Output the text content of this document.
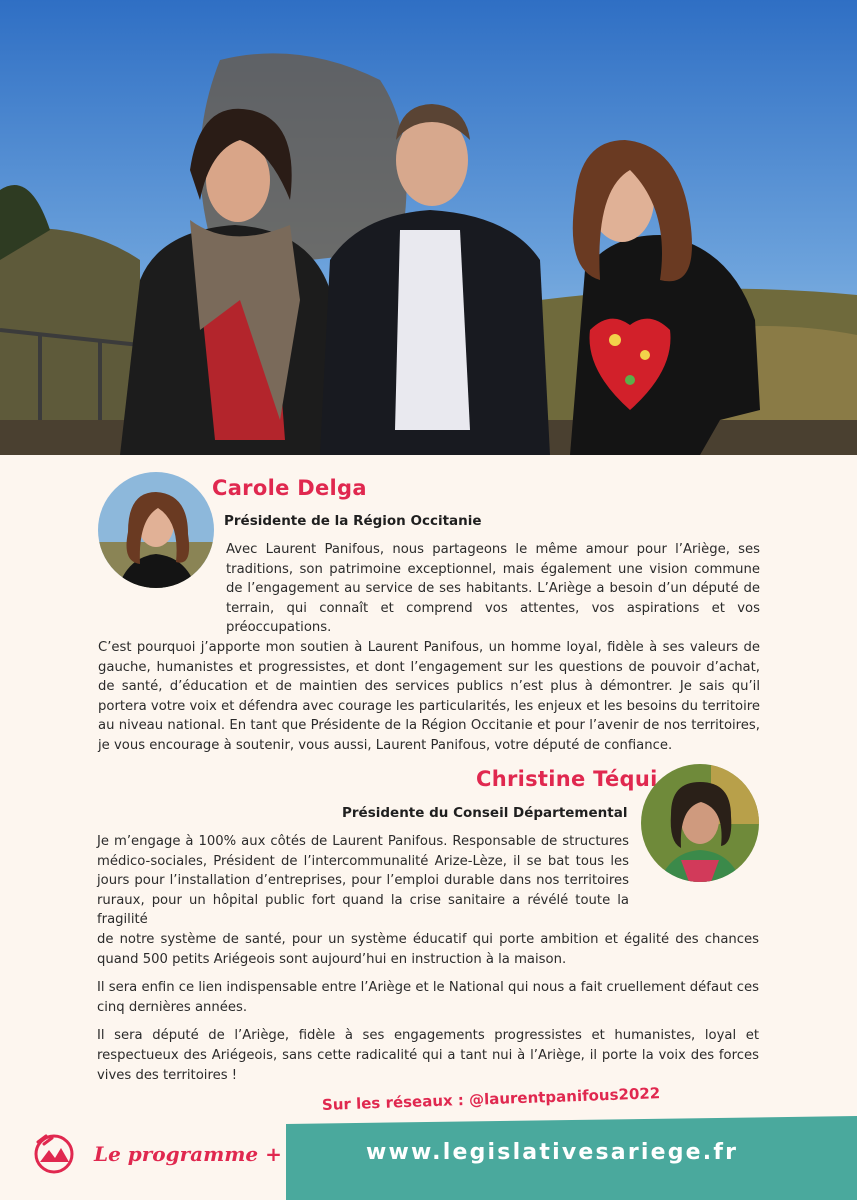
Carole Delga
Présidente de la Région Occitanie
Avec Laurent Panifous, nous partageons le même amour pour l’Ariège, ses traditions, son patrimoine exceptionnel, mais également une vision commune de l’engagement au service de ses habitants. L’Ariège a besoin d’un député de terrain, qui connaît et comprend vos attentes, vos aspirations et vos préoccupations.
C’est pourquoi j’apporte mon soutien à Laurent Panifous, un homme loyal, fidèle à ses valeurs de gauche, humanistes et progressistes, et dont l’engagement sur les questions de pouvoir d’achat, de santé, d’éducation et de maintien des services publics n’est plus à démontrer. Je sais qu’il portera votre voix et défendra avec courage les particularités, les enjeux et les besoins du territoire au niveau national. En tant que Présidente de la Région Occitanie et pour l’avenir de nos territoires, je vous encourage à soutenir, vous aussi, Laurent Panifous, votre député de confiance.
Christine Téqui
Présidente du Conseil Départemental
Je m’engage à 100% aux côtés de Laurent Panifous. Responsable de structures médico-sociales, Président de l’intercommunalité Arize-Lèze, il se bat tous les jours pour l’installation d’entreprises, pour l’emploi durable dans nos territoires ruraux, pour un hôpital public fort quand la crise sanitaire a révélé toute la fragilité
de notre système de santé, pour un système éducatif qui porte ambition et égalité des chances quand 500 petits Ariégeois sont aujourd’hui en instruction à la maison.
Il sera enfin ce lien indispensable entre l’Ariège et le National qui nous a fait cruellement défaut ces cinq dernières années.
Il sera député de l’Ariège, fidèle à ses engagements progressistes et humanistes, loyal et respectueux des Ariégeois, sans cette radicalité qui a tant nui à l’Ariège, il porte la voix des forces vives des territoires !
Sur les réseaux : @laurentpanifous2022
Le programme +	www.legislativesariege.fr
